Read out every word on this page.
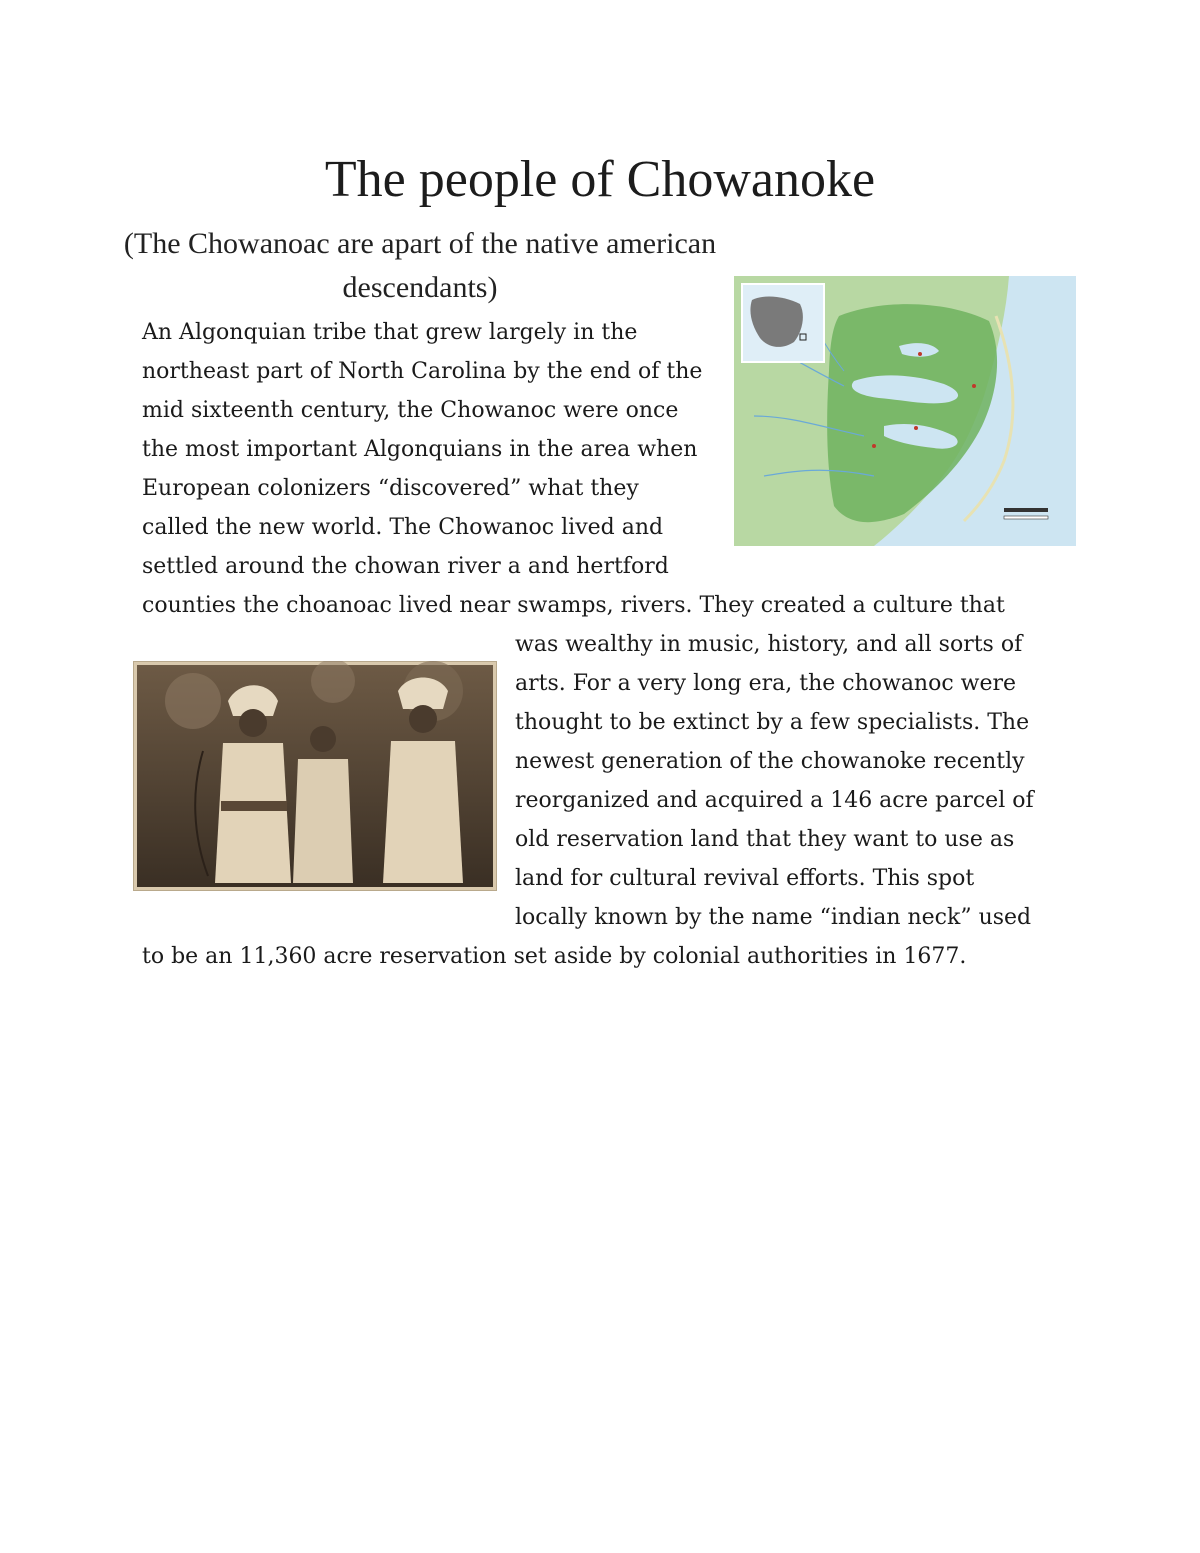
The people of Chowanoke

(The Chowanoac are apart of the native american descendants)

An Algonquian tribe that grew largely in the
northeast part of North Carolina by the end of the
mid sixteenth century, the Chowanoc were once
the most important Algonquians in the area when
European colonizers “discovered” what they
called the new world. The Chowanoc lived and
settled around the chowan river a and hertford
counties the choanoac lived near swamps, rivers. They created a culture that
was wealthy in music, history, and all sorts of
arts. For a very long era, the chowanoc were
thought to be extinct by a few specialists. The
newest generation of the chowanoke recently
reorganized and acquired a 146 acre parcel of
old reservation land that they want to use as
land for cultural revival efforts. This spot
locally known by the name “indian neck” used
to be an 11,360 acre reservation set aside by colonial authorities in 1677.
